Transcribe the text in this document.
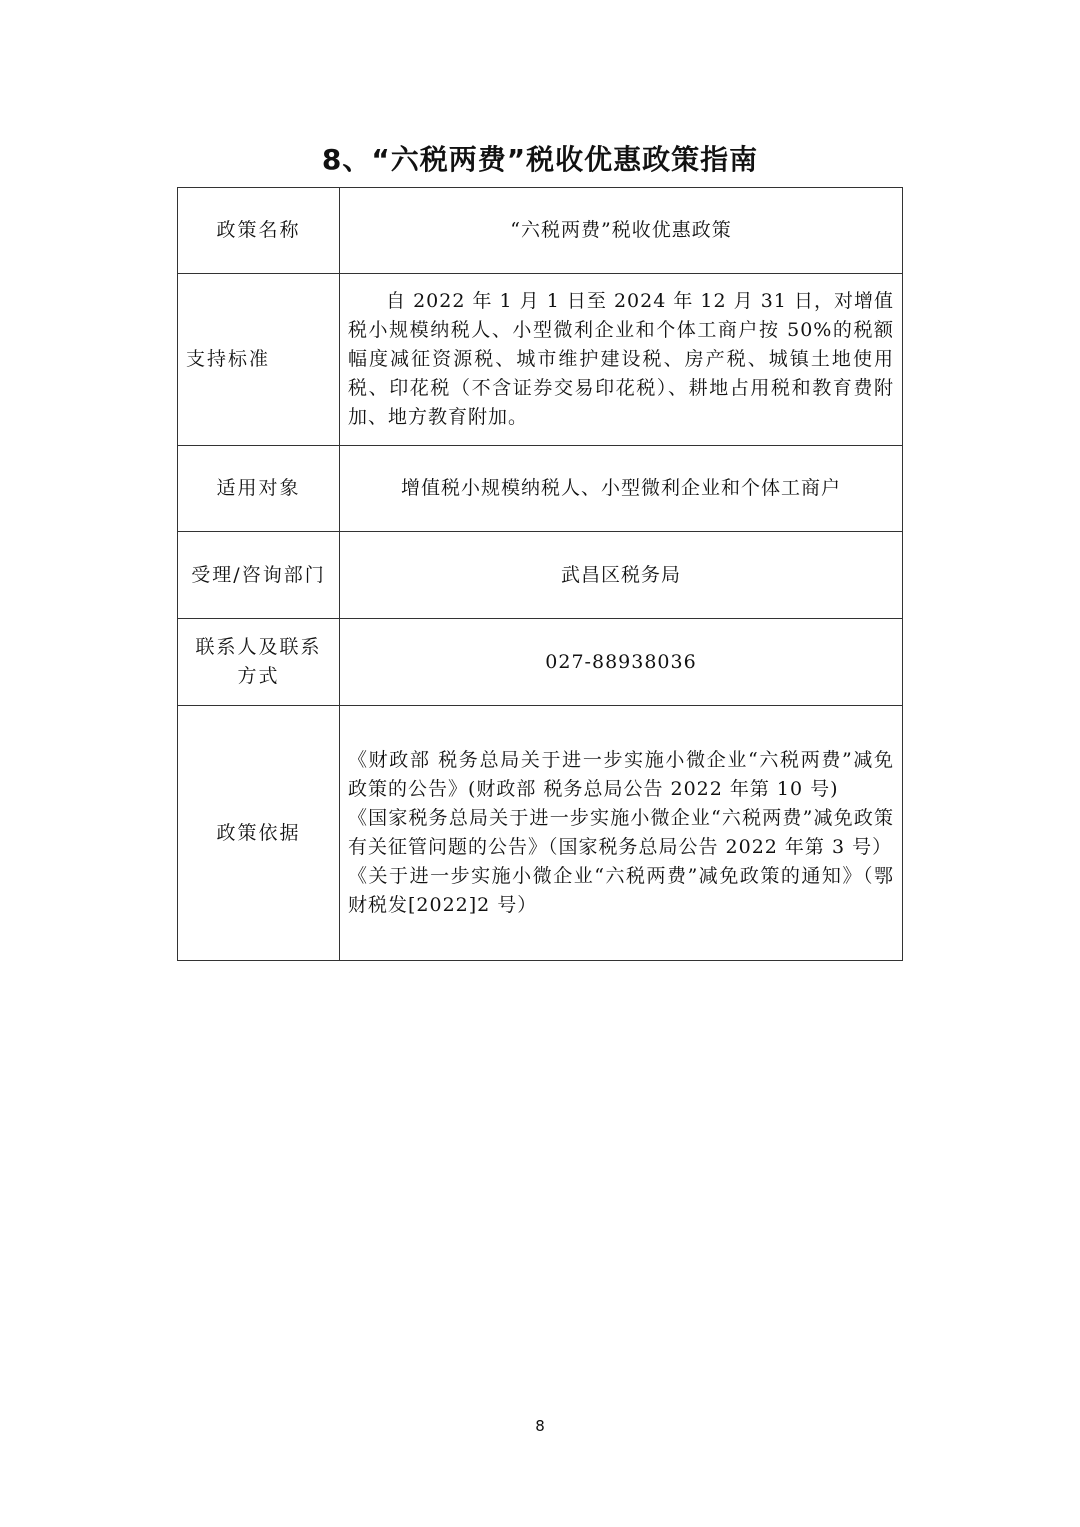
8、“六税两费”税收优惠政策指南
政策名称	“六税两费”税收优惠政策
支持标准	自 2022 年 1 月 1 日至 2024 年 12 月 31 日，对增值税小规模纳税人、小型微利企业和个体工商户按 50%的税额幅度减征资源税、城市维护建设税、房产税、城镇土地使用税、印花税（不含证券交易印花税）、耕地占用税和教育费附加、地方教育附加。

适用对象	增值税小规模纳税人、小型微利企业和个体工商户
受理/咨询部门	武昌区税务局

联系人及联系方式	027-88938036
政策依据	《财政部 税务总局关于进一步实施小微企业“六税两费”减免政策的公告》(财政部 税务总局公告 2022 年第 10 号)
《国家税务总局关于进一步实施小微企业“六税两费”减免政策有关征管问题的公告》（国家税务总局公告 2022 年第 3 号）
《关于进一步实施小微企业“六税两费”减免政策的通知》（鄂财税发[2022]2 号）
8
